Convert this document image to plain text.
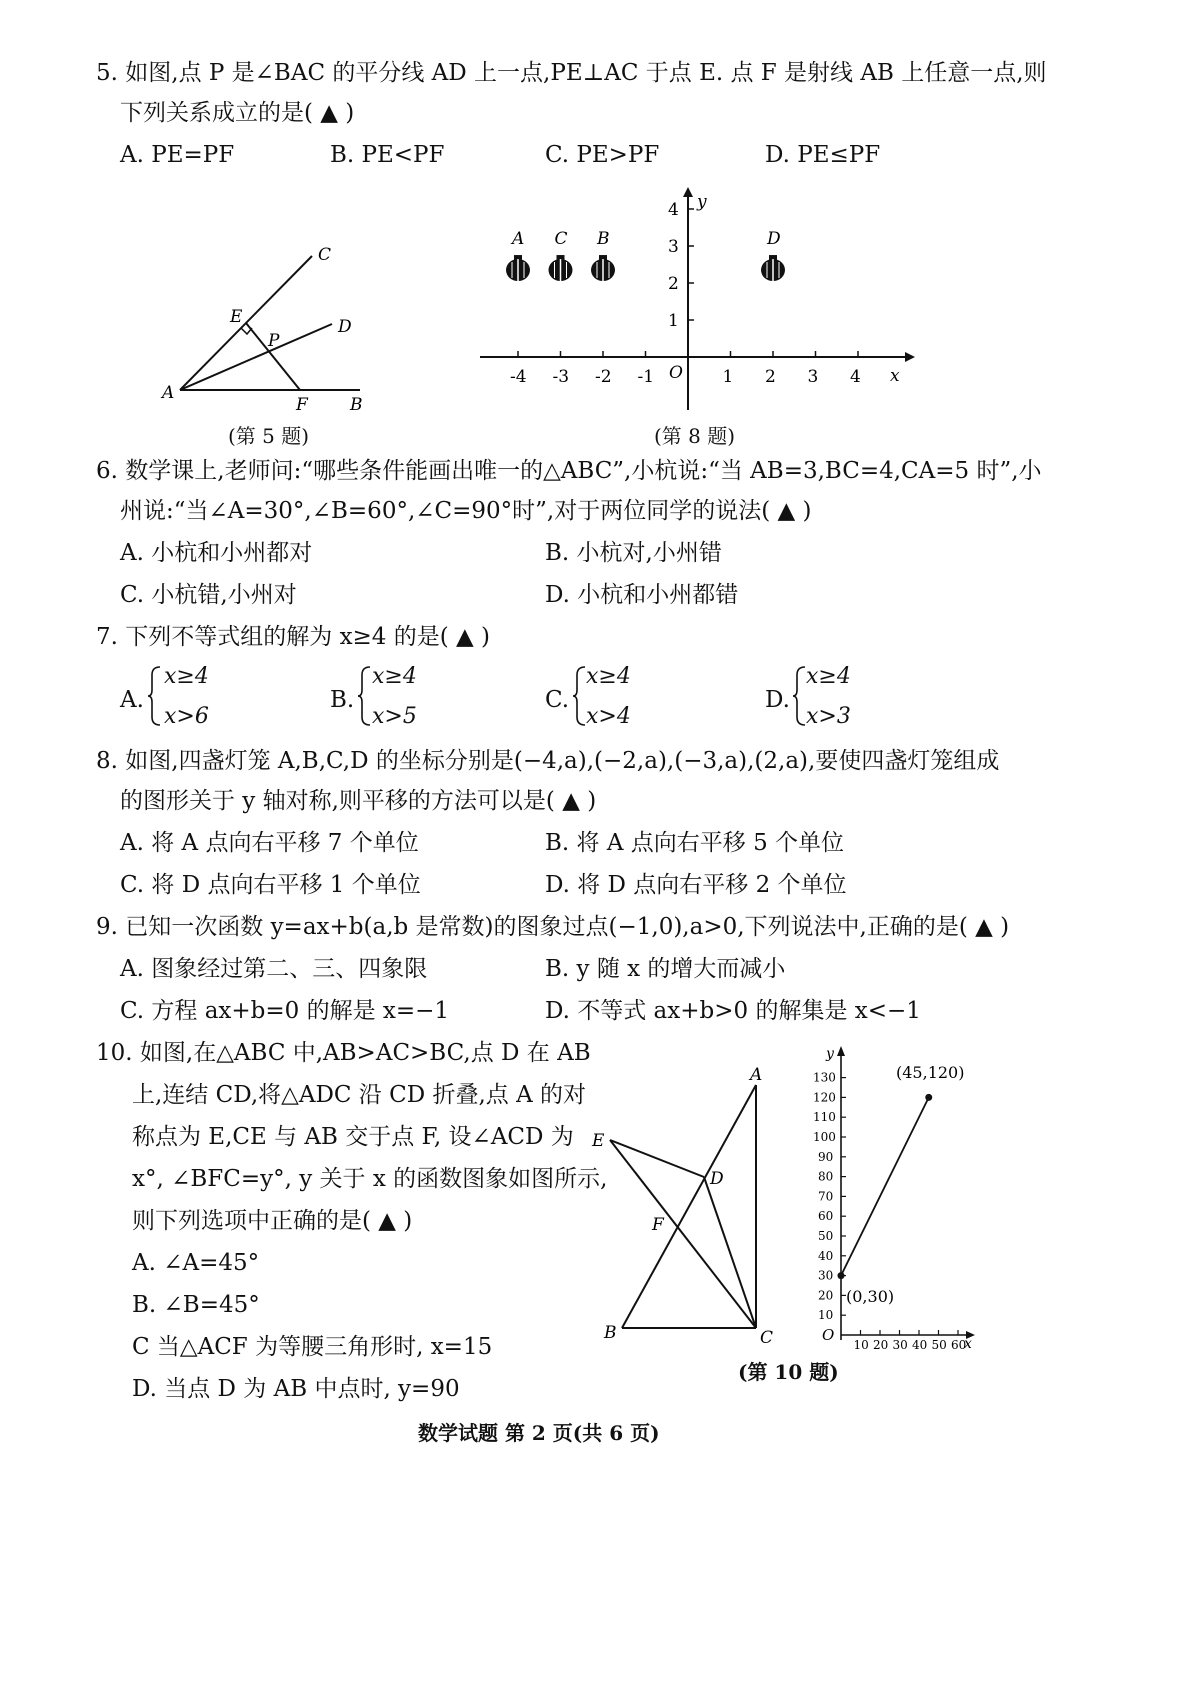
5. 如图,点 P 是∠BAC 的平分线 AD 上一点,PE⊥AC 于点 E. 点 F 是射线 AB 上任意一点,则
下列关系成立的是( ▲ )
A. PE=PF	B. PE<PF	C. PE>PF	D. PE≤PF
A
B
C
D
E
F
P
(第 5 题)
-4 -3 -2 -1	1 2 3 4
1
2
3
4 y
x
O
A C B	D
(第 8 题)
6. 数学课上,老师问:“哪些条件能画出唯一的△ABC”,小杭说:“当 AB=3,BC=4,CA=5 时”,小
州说:“当∠A=30°,∠B=60°,∠C=90°时”,对于两位同学的说法( ▲ )
A. 小杭和小州都对	B. 小杭对,小州错
C. 小杭错,小州对	D. 小杭和小州都错
7. 下列不等式组的解为 x≥4 的是( ▲ )
A.
x≥4
x>6
B.
x≥4
x>5
C.
x≥4
x>4
D.
x≥4
x>3
8. 如图,四盏灯笼 A,B,C,D 的坐标分别是(−4,a),(−2,a),(−3,a),(2,a),要使四盏灯笼组成
的图形关于 y 轴对称,则平移的方法可以是( ▲ )
A. 将 A 点向右平移 7 个单位	B. 将 A 点向右平移 5 个单位
C. 将 D 点向右平移 1 个单位	D. 将 D 点向右平移 2 个单位
9. 已知一次函数 y=ax+b(a,b 是常数)的图象过点(−1,0),a>0,下列说法中,正确的是( ▲ )
A. 图象经过第二、三、四象限	B. y 随 x 的增大而减小
C. 方程 ax+b=0 的解是 x=−1	D. 不等式 ax+b>0 的解集是 x<−1
10. 如图,在△ABC 中,AB>AC>BC,点 D 在 AB
上,连结 CD,将△ADC 沿 CD 折叠,点 A 的对
称点为 E,CE 与 AB 交于点 F, 设∠ACD 为
x°, ∠BFC=y°, y 关于 x 的函数图象如图所示,
则下列选项中正确的是( ▲ )
A. ∠A=45°
B. ∠B=45°
C 当△ACF 为等腰三角形时, x=15
D. 当点 D 为 AB 中点时, y=90
A
B	C
D
E
F
10
20
30
40
50
60
70
80
90
100
110
120
130
10 20 30 40 50 60
(0,30)
(45,120)
y
x
O
(第 10 题)
数学试题 第 2 页(共 6 页)
